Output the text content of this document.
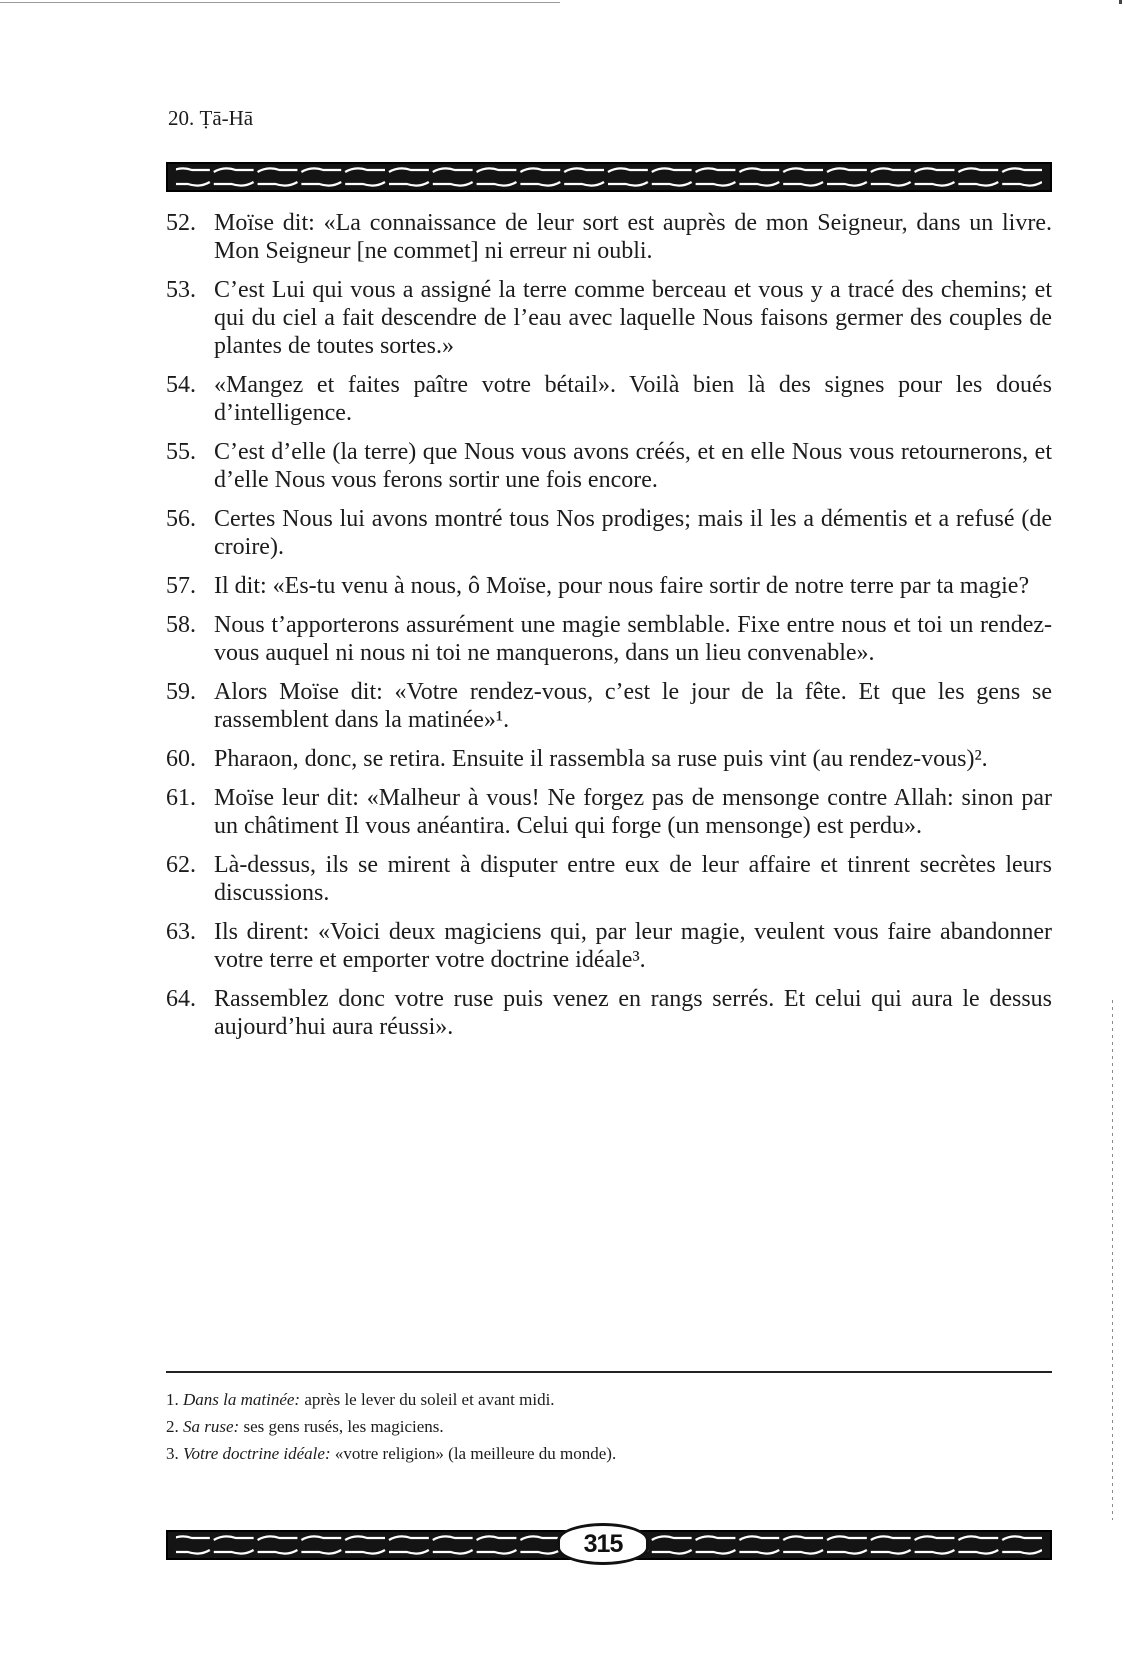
20. Ṭā-Hā
52. Moïse dit: «La connaissance de leur sort est auprès de mon Seigneur, dans un livre. Mon Seigneur [ne commet] ni erreur ni oubli.
53. C’est Lui qui vous a assigné la terre comme berceau et vous y a tracé des chemins; et qui du ciel a fait descendre de l’eau avec laquelle Nous faisons germer des couples de plantes de toutes sortes.»
54. «Mangez et faites paître votre bétail». Voilà bien là des signes pour les doués d’intelligence.
55. C’est d’elle (la terre) que Nous vous avons créés, et en elle Nous vous retournerons, et d’elle Nous vous ferons sortir une fois encore.
56. Certes Nous lui avons montré tous Nos prodiges; mais il les a démentis et a refusé (de croire).
57. Il dit: «Es-tu venu à nous, ô Moïse, pour nous faire sortir de notre terre par ta magie?
58. Nous t’apporterons assurément une magie semblable. Fixe entre nous et toi un rendez-vous auquel ni nous ni toi ne manquerons, dans un lieu convenable».
59. Alors Moïse dit: «Votre rendez-vous, c’est le jour de la fête. Et que les gens se rassemblent dans la matinée»¹.
60. Pharaon, donc, se retira. Ensuite il rassembla sa ruse puis vint (au rendez-vous)².
61. Moïse leur dit: «Malheur à vous! Ne forgez pas de mensonge contre Allah: sinon par un châtiment Il vous anéantira. Celui qui forge (un mensonge) est perdu».
62. Là-dessus, ils se mirent à disputer entre eux de leur affaire et tinrent secrètes leurs discussions.
63. Ils dirent: «Voici deux magiciens qui, par leur magie, veulent vous faire abandonner votre terre et emporter votre doctrine idéale³.
64. Rassemblez donc votre ruse puis venez en rangs serrés. Et celui qui aura le dessus aujourd’hui aura réussi».
1. Dans la matinée: après le lever du soleil et avant midi.
2. Sa ruse: ses gens rusés, les magiciens.
3. Votre doctrine idéale: «votre religion» (la meilleure du monde).
315
